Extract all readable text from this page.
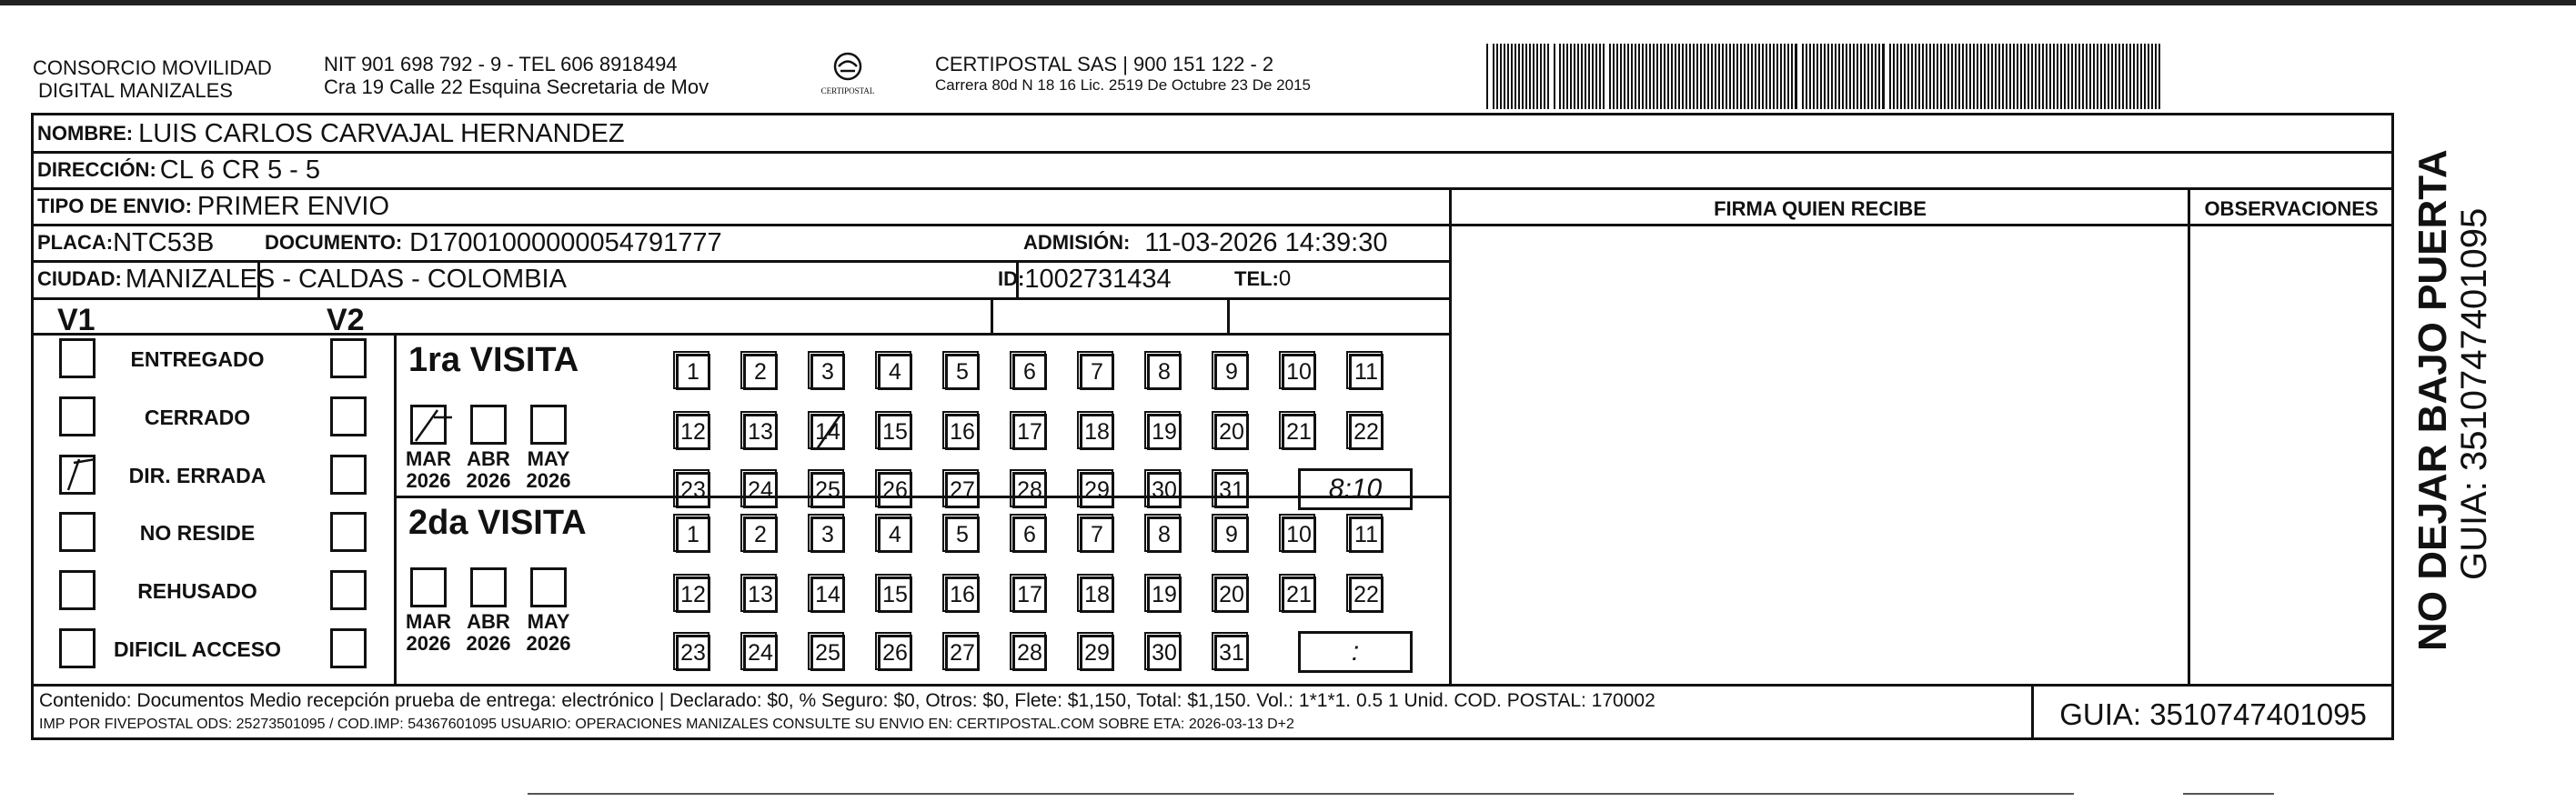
CONSORCIO MOVILIDAD
DIGITAL MANIZALES
NIT 901 698 792 - 9 - TEL 606 8918494
Cra 19 Calle 22 Esquina Secretaria de Mov	CERTIPOSTAL
CERTIPOSTAL SAS | 900 151 122 - 2
Carrera 80d N 18 16 Lic. 2519 De Octubre 23 De 2015
NOMBRE: LUIS CARLOS CARVAJAL HERNANDEZ
DIRECCIÓN: CL 6 CR 5 - 5
TIPO DE ENVIO: PRIMER ENVIO	FIRMA QUIEN RECIBE	OBSERVACIONES
PLACA: NTC53B	DOCUMENTO: D17001000000054791777	ADMISIÓN: 11-03-2026 14:39:30
CIUDAD: MANIZALES - CALDAS - COLOMBIA	ID: 1002731434	TEL: 0
V1	V2
ENTREGADO
CERRADO
DIR. ERRADA
NO RESIDE
REHUSADO
DIFICIL ACCESO
1ra VISITA
MAR
2026
ABR
2026
MAY
2026
1	2	3	4	5	6	7	8	9	10 11
12 13 14 15 16 17 18 19 20 21 22
23 24 25 26 27 28 29 30 31	8:10
2da VISITA
MAR
2026
ABR
2026
MAY
2026
1	2	3	4	5	6	7	8	9	10 11
12 13 14 15 16 17 18 19 20 21 22
23 24 25 26 27 28 29 30 31	:
Contenido: Documentos Medio recepción prueba de entrega: electrónico | Declarado: $0, % Seguro: $0, Otros: $0, Flete: $1,150, Total: $1,150. Vol.: 1*1*1. 0.5 1 Unid. COD. POSTAL: 170002
IMP POR FIVEPOSTAL ODS: 25273501095 / COD.IMP: 54367601095 USUARIO: OPERACIONES MANIZALES CONSULTE SU ENVIO EN: CERTIPOSTAL.COM SOBRE ETA: 2026-03-13 D+2	GUIA: 3510747401095
NO DEJAR BAJO PUERTA GUIA: 3510747401095
